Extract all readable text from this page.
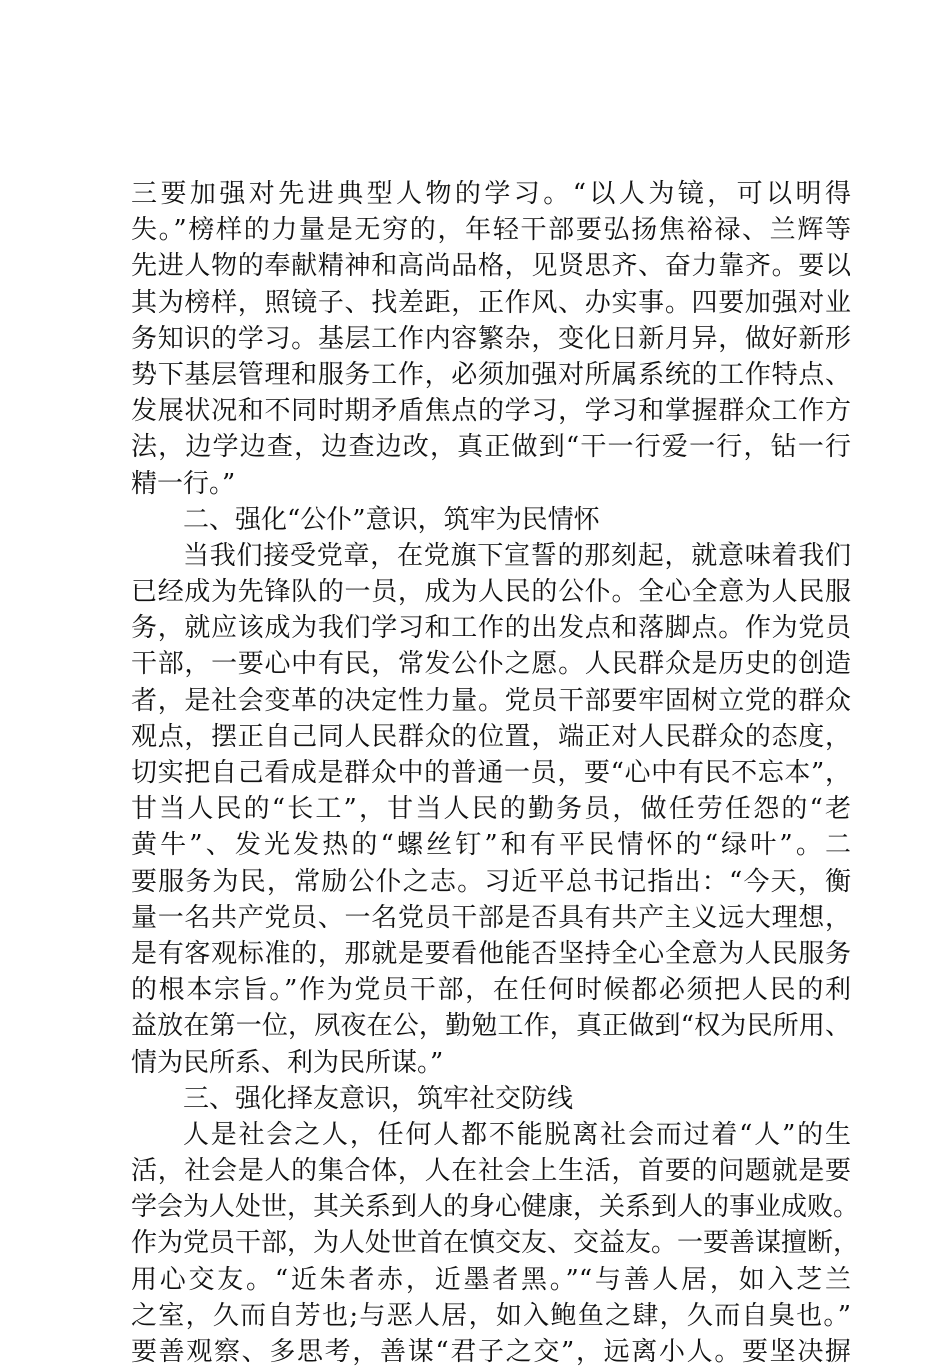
三要加强对先进典型人物的学习。“以人为镜，可以明得
失。”榜样的力量是无穷的，年轻干部要弘扬焦裕禄、兰辉等
先进人物的奉献精神和高尚品格，见贤思齐、奋力靠齐。要以
其为榜样，照镜子、找差距，正作风、办实事。四要加强对业
务知识的学习。基层工作内容繁杂，变化日新月异，做好新形
势下基层管理和服务工作，必须加强对所属系统的工作特点、
发展状况和不同时期矛盾焦点的学习，学习和掌握群众工作方
法，边学边查，边查边改，真正做到“干一行爱一行，钻一行
精一行。”
二、强化“公仆”意识，筑牢为民情怀
当我们接受党章，在党旗下宣誓的那刻起，就意味着我们
已经成为先锋队的一员，成为人民的公仆。全心全意为人民服
务，就应该成为我们学习和工作的出发点和落脚点。作为党员
干部，一要心中有民，常发公仆之愿。人民群众是历史的创造
者，是社会变革的决定性力量。党员干部要牢固树立党的群众
观点，摆正自己同人民群众的位置，端正对人民群众的态度，
切实把自己看成是群众中的普通一员，要“心中有民不忘本”，
甘当人民的“长工”，甘当人民的勤务员，做任劳任怨的“老
黄牛”、发光发热的“螺丝钉”和有平民情怀的“绿叶”。二
要服务为民，常励公仆之志。习近平总书记指出：“今天，衡
量一名共产党员、一名党员干部是否具有共产主义远大理想，
是有客观标准的，那就是要看他能否坚持全心全意为人民服务
的根本宗旨。”作为党员干部，在任何时候都必须把人民的利
益放在第一位，夙夜在公，勤勉工作，真正做到“权为民所用、
情为民所系、利为民所谋。”
三、强化择友意识，筑牢社交防线
人是社会之人，任何人都不能脱离社会而过着“人”的生
活，社会是人的集合体，人在社会上生活，首要的问题就是要
学会为人处世，其关系到人的身心健康，关系到人的事业成败。
作为党员干部，为人处世首在慎交友、交益友。一要善谋擅断，
用心交友。“近朱者赤，近墨者黑。”“与善人居，如入芝兰
之室，久而自芳也;与恶人居，如入鲍鱼之肆，久而自臭也。”
要善观察、多思考，善谋“君子之交”，远离小人。要坚决摒
